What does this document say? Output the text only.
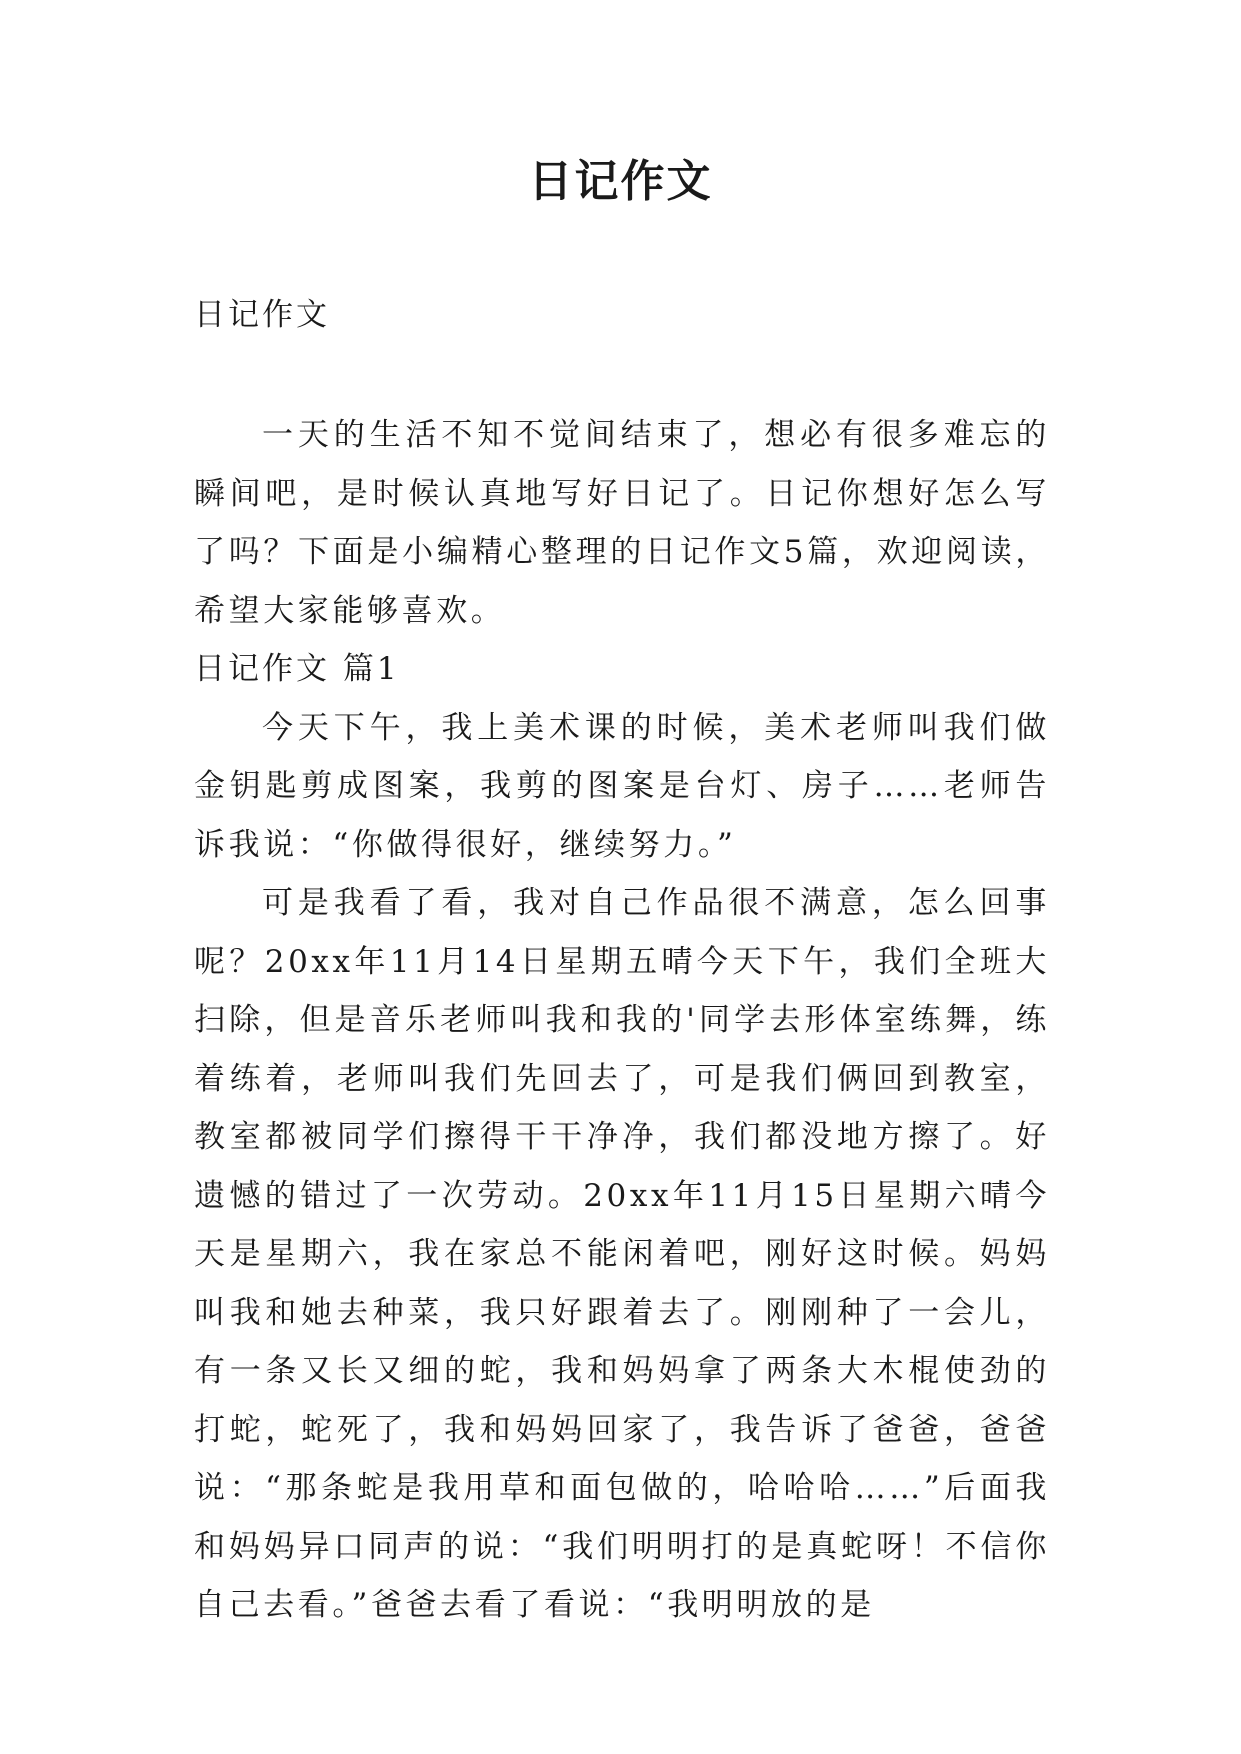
日记作文
日记作文

一天的生活不知不觉间结束了，想必有很多难忘的瞬间吧，是时候认真地写好日记了。日记你想好怎么写了吗？下面是小编精心整理的日记作文5篇，欢迎阅读，希望大家能够喜欢。

日记作文 篇1

今天下午，我上美术课的时候，美术老师叫我们做金钥匙剪成图案，我剪的图案是台灯、房子……老师告诉我说：“你做得很好，继续努力。”

可是我看了看，我对自己作品很不满意，怎么回事呢？20xx年11月14日星期五晴今天下午，我们全班大扫除，但是音乐老师叫我和我的'同学去形体室练舞，练着练着，老师叫我们先回去了，可是我们俩回到教室，教室都被同学们擦得干干净净，我们都没地方擦了。好遗憾的错过了一次劳动。20xx年11月15日星期六晴今天是星期六，我在家总不能闲着吧，刚好这时候。妈妈叫我和她去种菜，我只好跟着去了。刚刚种了一会儿，有一条又长又细的蛇，我和妈妈拿了两条大木棍使劲的打蛇，蛇死了，我和妈妈回家了，我告诉了爸爸，爸爸说：“那条蛇是我用草和面包做的，哈哈哈……”后面我和妈妈异口同声的说：“我们明明打的是真蛇呀！不信你自己去看。”爸爸去看了看说：“我明明放的是
